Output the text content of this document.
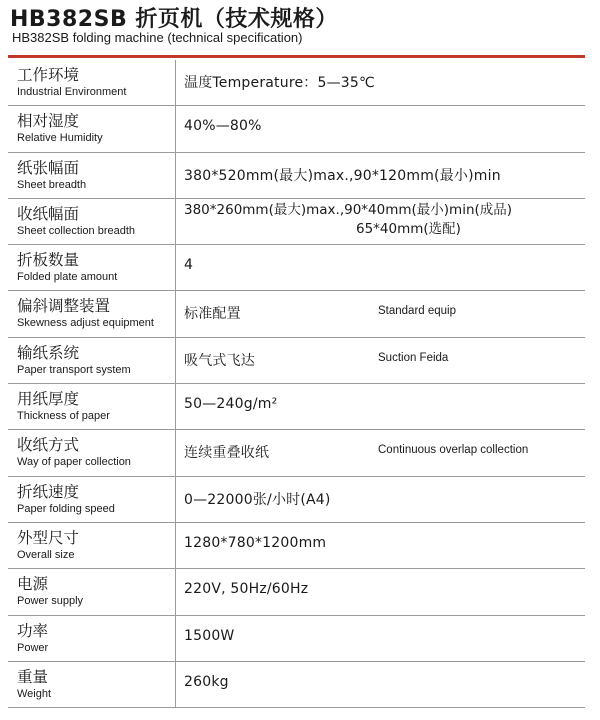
HB382SB 折页机（技术规格）
HB382SB folding machine (technical specification)
工作环境
Industrial Environment
温度Temperature：5—35℃
相对湿度
Relative Humidity
40%—80%
纸张幅面
Sheet breadth
380*520mm(最大)max.,90*120mm(最小)min
收纸幅面
Sheet collection breadth
380*260mm(最大)max.,90*40mm(最小)min(成品)
65*40mm(选配)
折板数量
Folded plate amount
4
偏斜调整装置
Skewness adjust equipment
标准配置	Standard equip
输纸系统
Paper transport system
吸气式飞达	Suction Feida
用纸厚度
Thickness of paper
50—240g/m²
收纸方式
Way of paper collection
连续重叠收纸	Continuous overlap collection
折纸速度
Paper folding speed
0—22000张/小时(A4)
外型尺寸
Overall size
1280*780*1200mm
电源
Power supply
220V, 50Hz/60Hz
功率
Power
1500W
重量
Weight
260kg
